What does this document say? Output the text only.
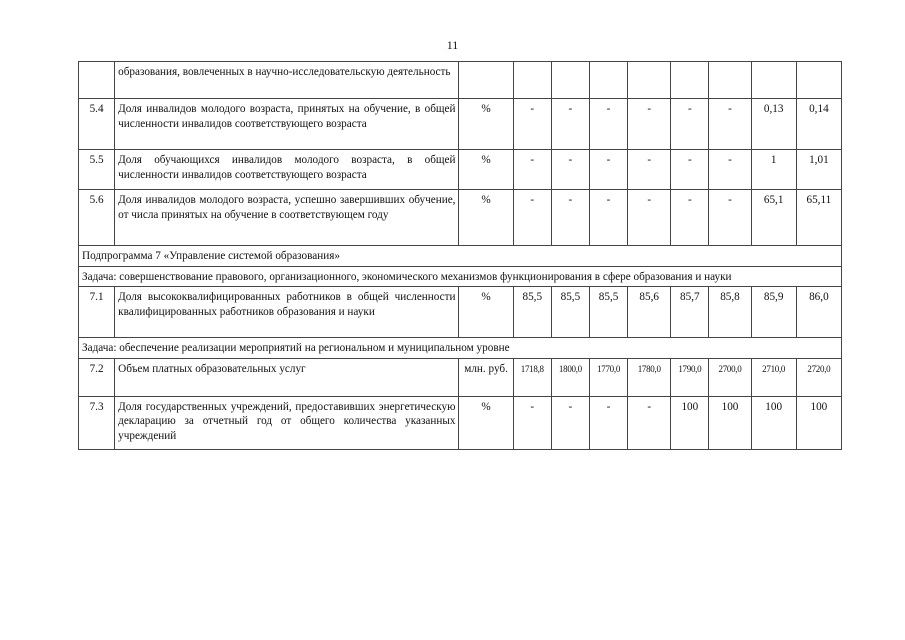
11
	образования, вовлеченных в научно-исследовательскую деятельность									
5.4	Доля инвалидов молодого возраста, принятых на обучение, в общей численности инвалидов соответствующего возраста	%	-	-	-	-	-	-	0,13	0,14
5.5	Доля обучающихся инвалидов молодого возраста, в общей численности инвалидов соответствующего возраста	%	-	-	-	-	-	-	1	1,01
5.6	Доля инвалидов молодого возраста, успешно завершивших обучение, от числа принятых на обучение в соответствующем году	%	-	-	-	-	-	-	65,1	65,11
Подпрограмма 7 «Управление системой образования»										
Задача: совершенствование правового, организационного, экономического механизмов функционирования в сфере образования и науки										
7.1	Доля высококвалифицированных работников в общей численности квалифицированных работников образования и науки	%	85,5	85,5	85,5	85,6	85,7	85,8	85,9	86,0
Задача: обеспечение реализации мероприятий на региональном и муниципальном уровне										
7.2	Объем платных образовательных услуг	млн. руб.	1718,8	1800,0	1770,0	1780,0	1790,0	2700,0	2710,0	2720,0
7.3	Доля государственных учреждений, предоставивших энергетическую декларацию за отчетный год от общего количества указанных учреждений	%	-	-	-	-	100	100	100	100
